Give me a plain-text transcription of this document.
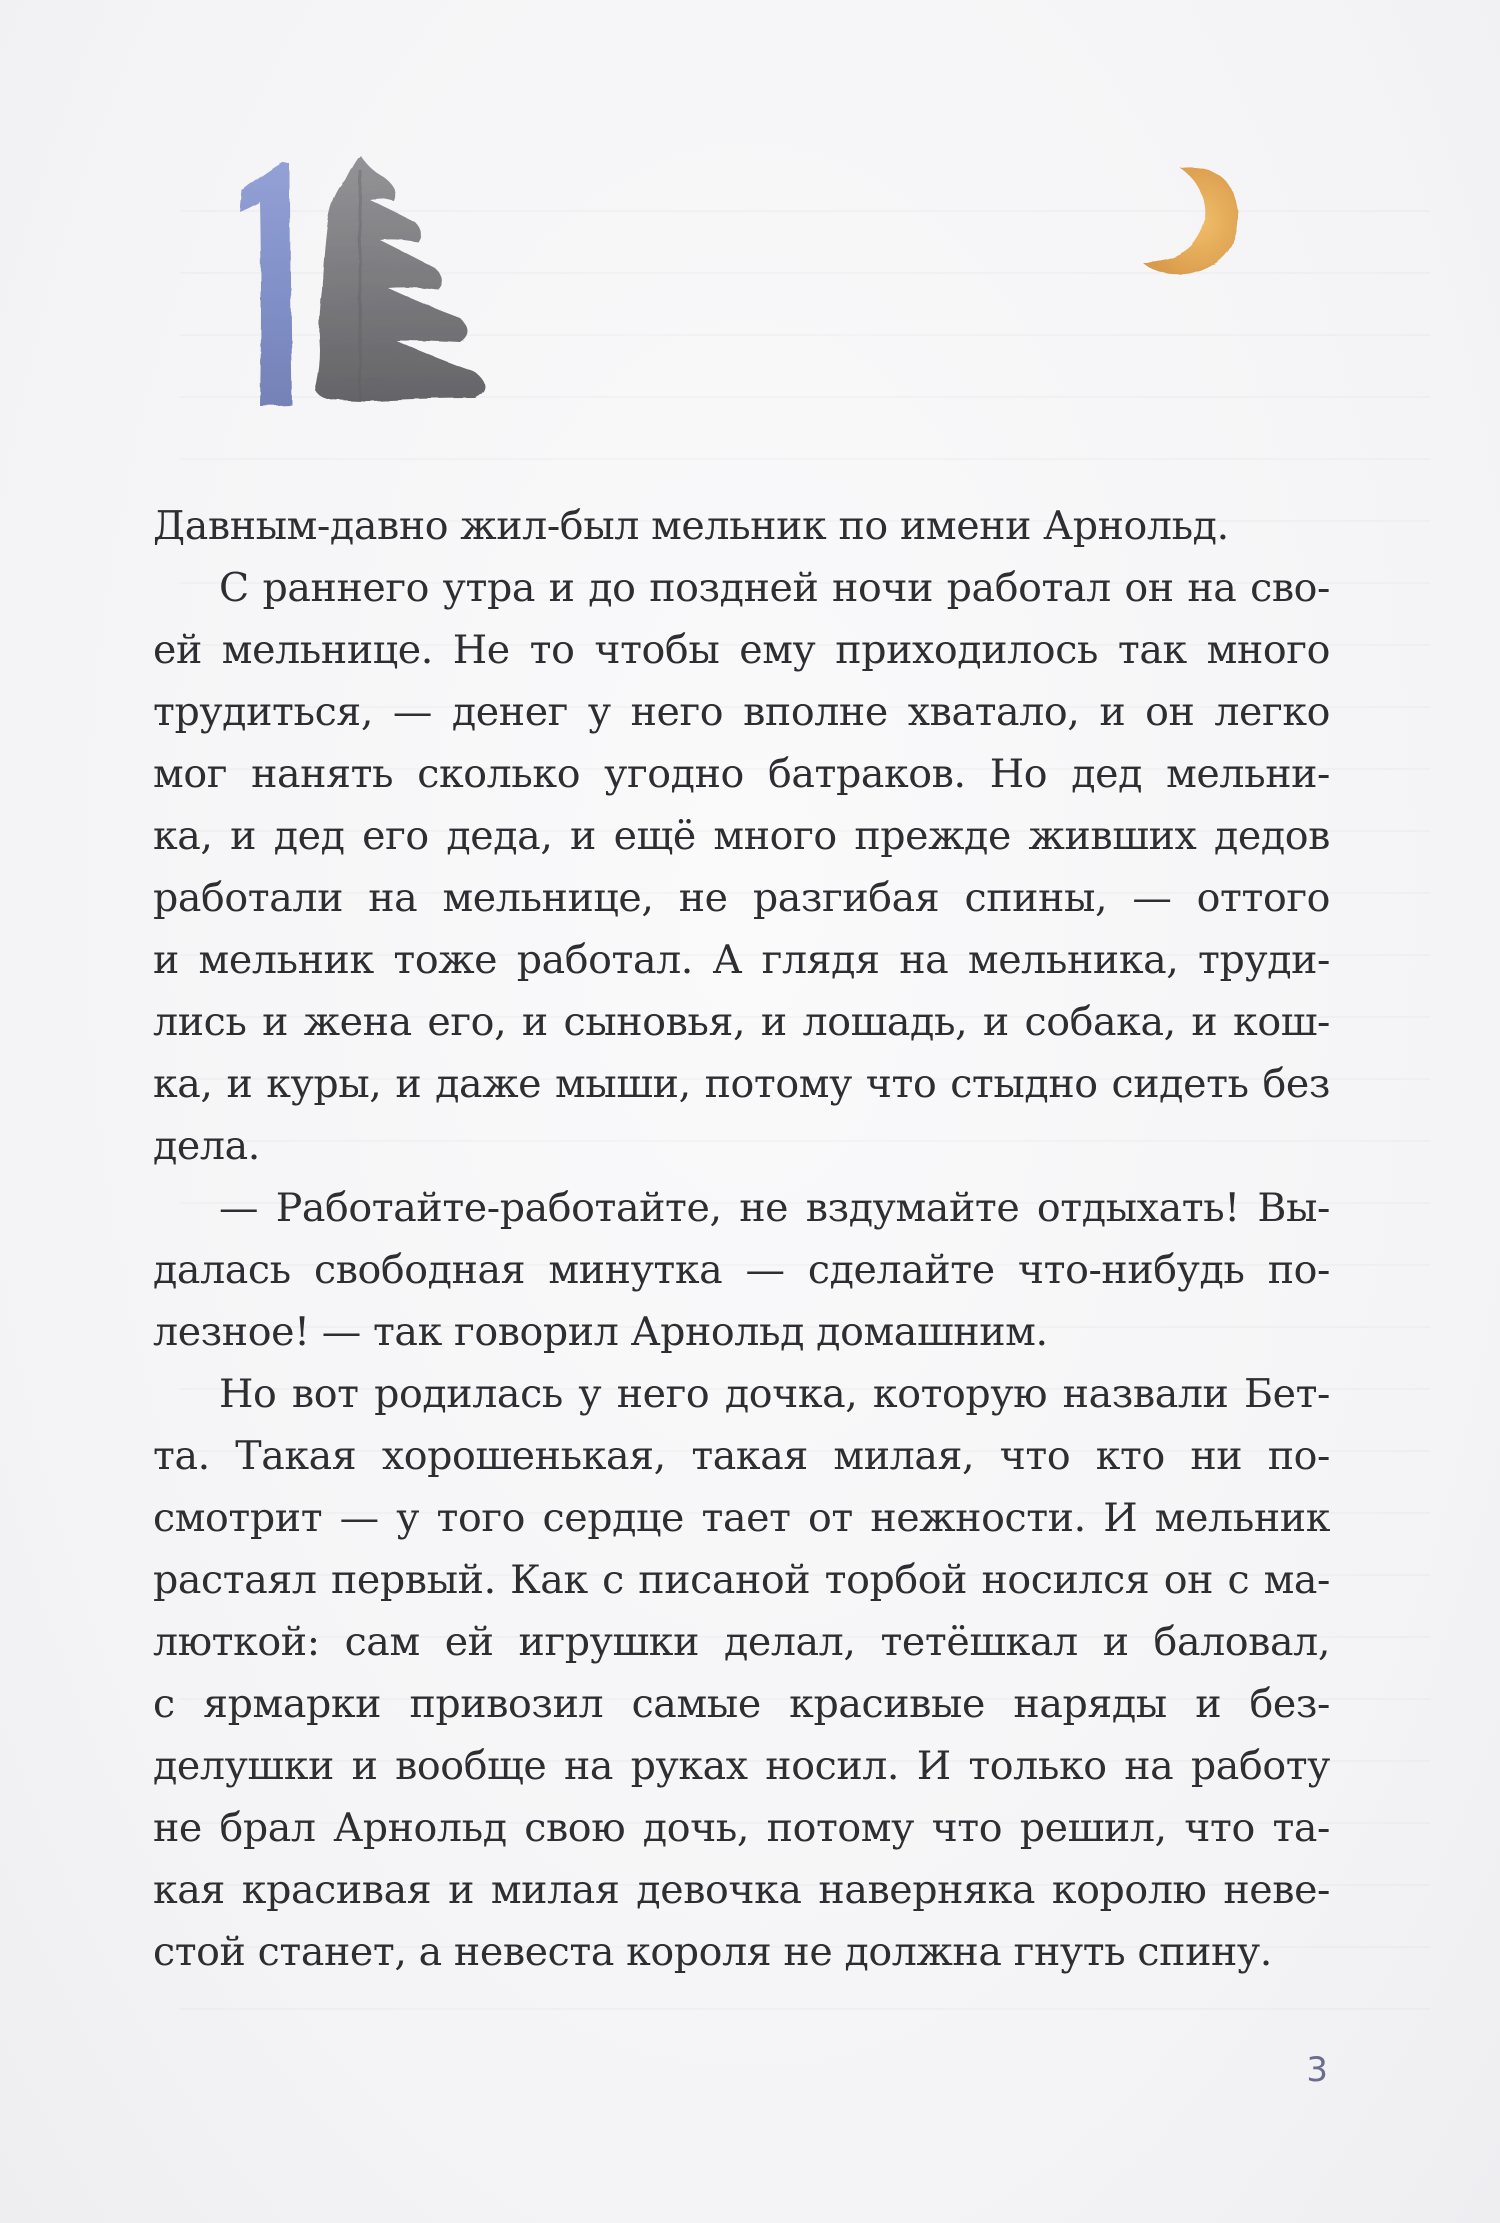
Давным-давно жил-был мельник по имени Арнольд.
С раннего утра и до поздней ночи работал он на сво-
ей мельнице. Не то чтобы ему приходилось так много
трудиться, — денег у него вполне хватало, и он легко
мог нанять сколько угодно батраков. Но дед мельни-
ка, и дед его деда, и ещё много прежде живших дедов
работали на мельнице, не разгибая спины, — оттого
и мельник тоже работал. А глядя на мельника, труди-
лись и жена его, и сыновья, и лошадь, и собака, и кош-
ка, и куры, и даже мыши, потому что стыдно сидеть без
дела.
— Работайте-работайте, не вздумайте отдыхать! Вы-
далась свободная минутка — сделайте что-нибудь по-
лезное! — так говорил Арнольд домашним.
Но вот родилась у него дочка, которую назвали Бет-
та. Такая хорошенькая, такая милая, что кто ни по-
смотрит — у того сердце тает от нежности. И мельник
растаял первый. Как с писаной торбой носился он с ма-
люткой: сам ей игрушки делал, тетёшкал и баловал,
с ярмарки привозил самые красивые наряды и без-
делушки и вообще на руках носил. И только на работу
не брал Арнольд свою дочь, потому что решил, что та-
кая красивая и милая девочка наверняка королю неве-
стой станет, а невеста короля не должна гнуть спину.
3
